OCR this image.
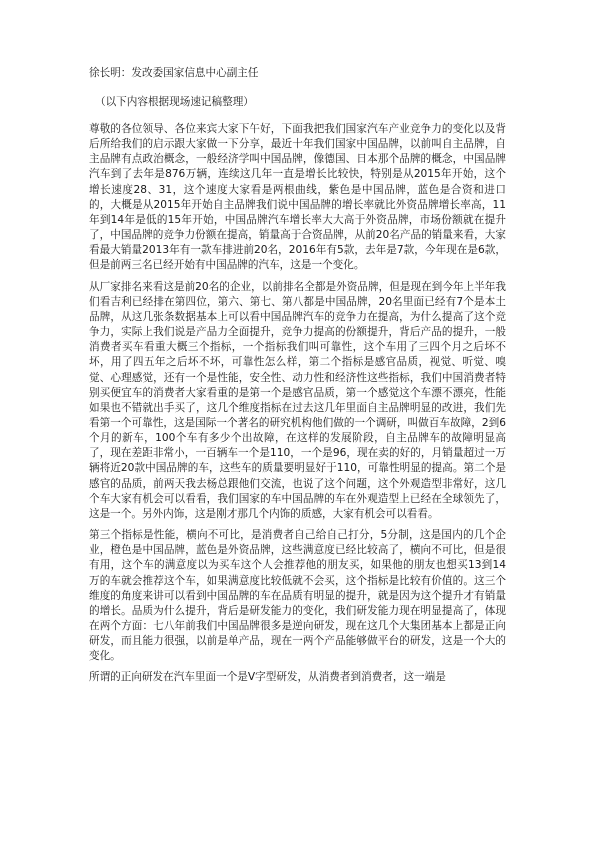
徐长明：发改委国家信息中心副主任
（以下内容根据现场速记稿整理）

尊敬的各位领导、各位来宾大家下午好，下面我把我们国家汽车产业竞争力的变化以及背后所给我们的启示跟大家做一下分享，最近十年我们国家中国品牌，以前叫自主品牌，自主品牌有点政治概念，一般经济学叫中国品牌，像德国、日本那个品牌的概念，中国品牌汽车到了去年是876万辆，连续这几年一直是增长比较快，特别是从2015年开始，这个增长速度28、31，这个速度大家看是两根曲线，紫色是中国品牌，蓝色是合资和进口的，大概是从2015年开始自主品牌我们说中国品牌的增长率就比外资品牌增长率高，11年到14年是低的15年开始，中国品牌汽车增长率大大高于外资品牌，市场份额就在提升了，中国品牌的竞争力份额在提高，销量高于合资品牌，从前20名产品的销量来看，大家看最大销量2013年有一款车排进前20名，2016年有5款，去年是7款，今年现在是6款，但是前两三名已经开始有中国品牌的汽车，这是一个变化。

从厂家排名来看这是前20名的企业，以前排名全都是外资品牌，但是现在到今年上半年我们看吉利已经排在第四位，第六、第七、第八都是中国品牌，20名里面已经有7个是本土品牌，从这几张条数据基本上可以看中国品牌汽车的竞争力在提高，为什么提高了这个竞争力，实际上我们说是产品力全面提升，竞争力提高的份额提升，背后产品的提升，一般消费者买车看重大概三个指标，一个指标我们叫可靠性，这个车用了三四个月之后坏不坏，用了四五年之后坏不坏，可靠性怎么样，第二个指标是感官品质，视觉、听觉、嗅觉、心理感觉，还有一个是性能，安全性、动力性和经济性这些指标，我们中国消费者特别买便宜车的消费者大家看重的是第一个是感官品质，第一个感觉这个车漂不漂亮，性能如果也不错就出手买了，这几个维度指标在过去这几年里面自主品牌明显的改进，我们先看第一个可靠性，这是国际一个著名的研究机构他们做的一个调研，叫做百车故障，2到6个月的新车，100个车有多少个出故障，在这样的发展阶段，自主品牌车的故障明显高了，现在差距非常小，一百辆车一个是110，一个是96，现在卖的好的，月销量超过一万辆将近20款中国品牌的车，这些车的质量要明显好于110，可靠性明显的提高。第二个是感官的品质，前两天我去杨总跟他们交流，也说了这个问题，这个外观造型非常好，这几个车大家有机会可以看看，我们国家的车中国品牌的车在外观造型上已经在全球领先了，这是一个。另外内饰，这是刚才那几个内饰的质感，大家有机会可以看看。

第三个指标是性能，横向不可比，是消费者自己给自己打分，5分制，这是国内的几个企业，橙色是中国品牌，蓝色是外资品牌，这些满意度已经比较高了，横向不可比，但是很有用，这个车的满意度以为买车这个人会推荐他的朋友买，如果他的朋友也想买13到14万的车就会推荐这个车，如果满意度比较低就不会买，这个指标是比较有价值的。这三个维度的角度来讲可以看到中国品牌的车在品质有明显的提升，就是因为这个提升才有销量的增长。品质为什么提升，背后是研发能力的变化，我们研发能力现在明显提高了，体现在两个方面：七八年前我们中国品牌很多是逆向研发，现在这几个大集团基本上都是正向研发，而且能力很强，以前是单产品，现在一两个产品能够做平台的研发，这是一个大的变化。

所谓的正向研发在汽车里面一个是V字型研发，从消费者到消费者，这一端是
